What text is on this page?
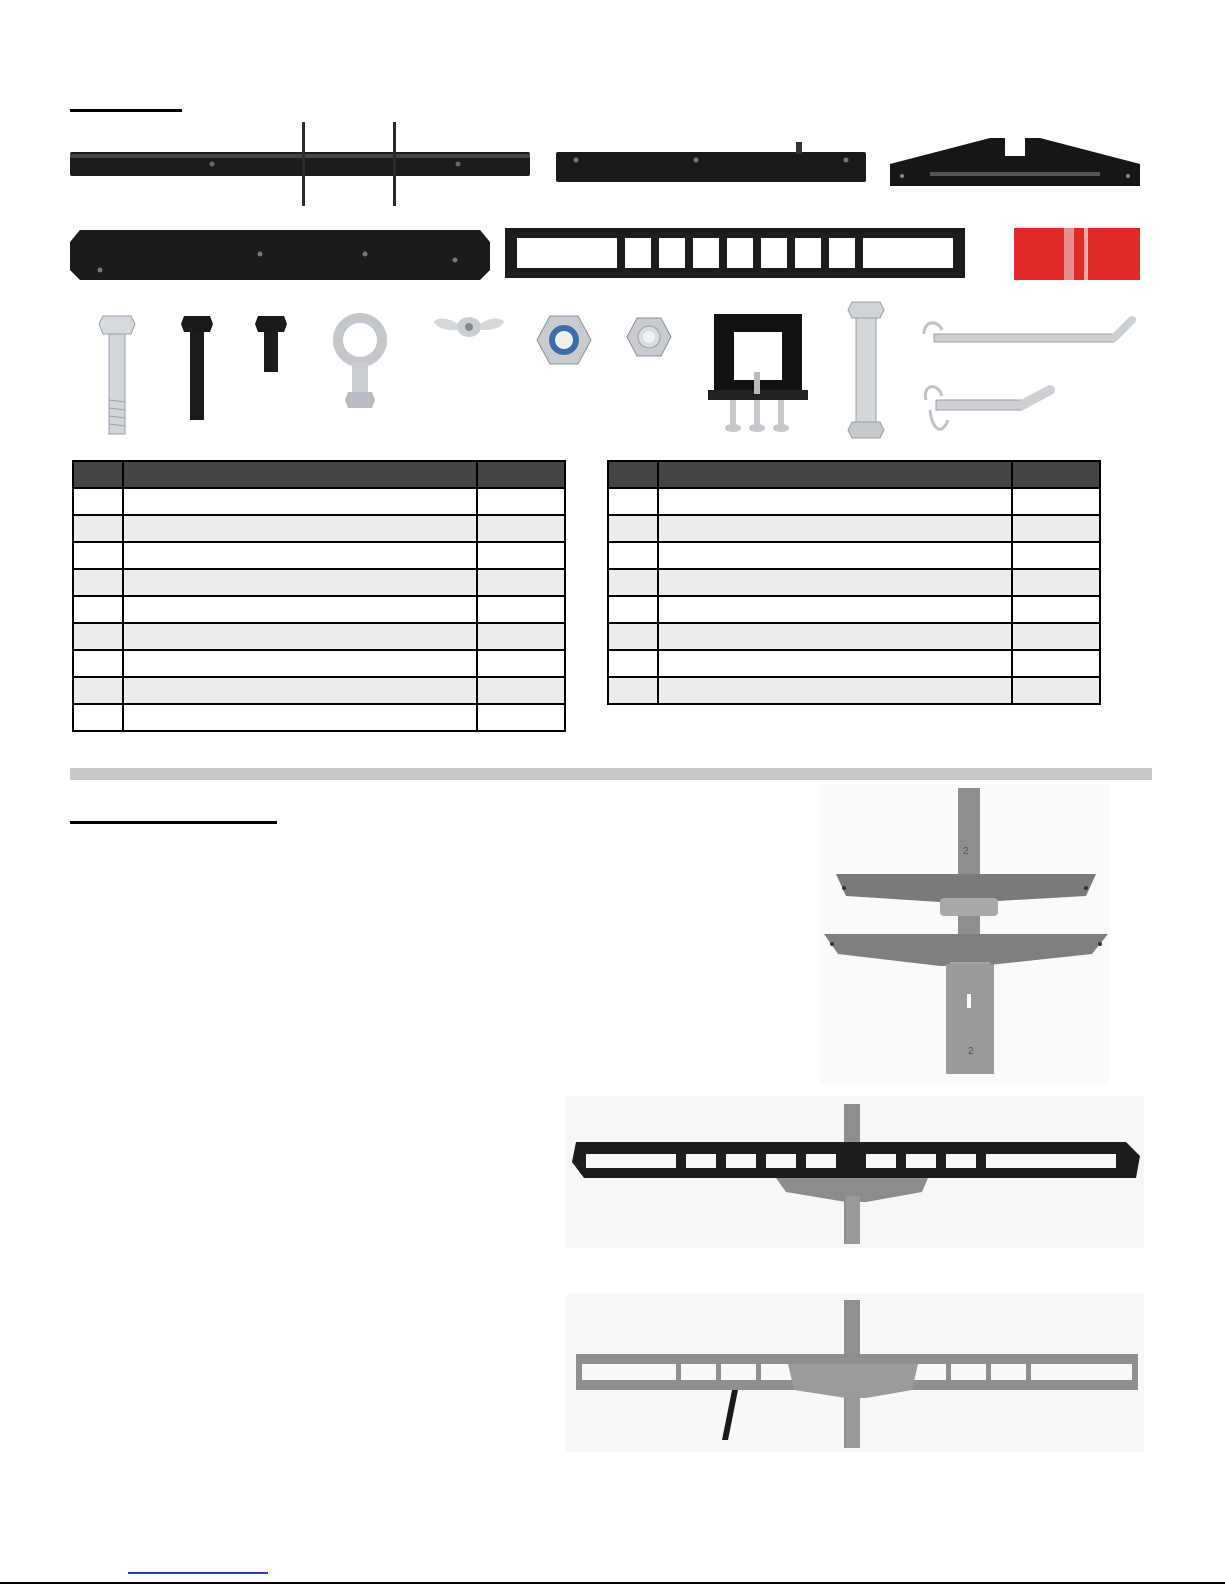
2
2
